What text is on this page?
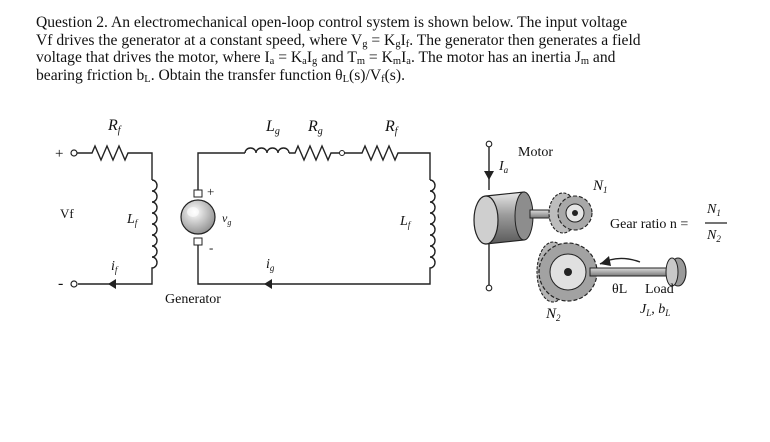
Question 2. An electromechanical open-loop control system is shown below. The input voltage

Vf drives the generator at a constant speed, where $V_g = K_gI_f$. The generator then generates a field

voltage that drives the motor, where $I_a = K_aI_g$ and $T_m = K_mI_a$. The motor has an inertia $J_m$ and

bearing friction $b_L$. Obtain the transfer function $\theta_L(s)/V_f(s)$.

+
Rf
$L_f$
Vf
-
$i_f$
+
-
$v_g$
Generator
Lg Rg	Rf
$L_f$
$i_g$
$I_a$
Motor
$N_1$
$N_2$
Gear ratio n =
$N_1$
$N_2$
θL Load
$J_L$, $b_L$
